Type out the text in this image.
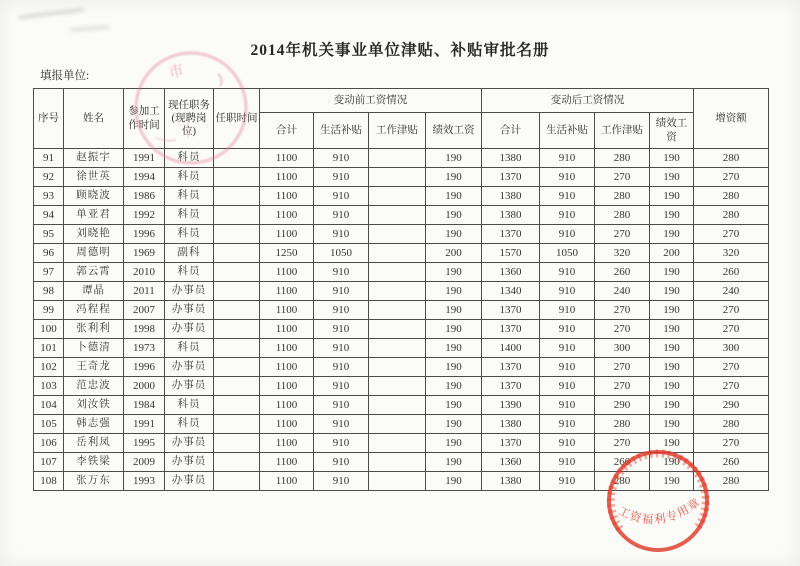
2014年机关事业单位津贴、补贴审批名册
填报单位:
序号	姓名	参加工作时间	现任职务(现聘岗位)	任职时间	变动前工资情况				变动后工资情况				增资额
					合计	生活补贴	工作津贴	绩效工资	合计	生活补贴	工作津贴	绩效工资	
91	赵振宇	1991	科员		1100	910		190	1380	910	280	190	280
92	徐世英	1994	科员		1100	910		190	1370	910	270	190	270
93	顾晓波	1986	科员		1100	910		190	1380	910	280	190	280
94	单亚君	1992	科员		1100	910		190	1380	910	280	190	280
95	刘晓艳	1996	科员		1100	910		190	1370	910	270	190	270
96	周德明	1969	副科		1250	1050		200	1570	1050	320	200	320
97	郭云霄	2010	科员		1100	910		190	1360	910	260	190	260
98	谭晶	2011	办事员		1100	910		190	1340	910	240	190	240
99	冯程程	2007	办事员		1100	910		190	1370	910	270	190	270
100	张利利	1998	办事员		1100	910		190	1370	910	270	190	270
101	卜德清	1973	科员		1100	910		190	1400	910	300	190	300
102	王奇龙	1996	办事员		1100	910		190	1370	910	270	190	270
103	范忠波	2000	办事员		1100	910		190	1370	910	270	190	270
104	刘汝铁	1984	科员		1100	910		190	1390	910	290	190	290
105	韩志强	1991	科员		1100	910		190	1380	910	280	190	280
106	岳利凤	1995	办事员		1100	910		190	1370	910	270	190	270
107	李铁梁	2009	办事员		1100	910		190	1360	910	260	190	260
108	张万东	1993	办事员		1100	910		190	1380	910	280	190	280
市
工资福利专用章
